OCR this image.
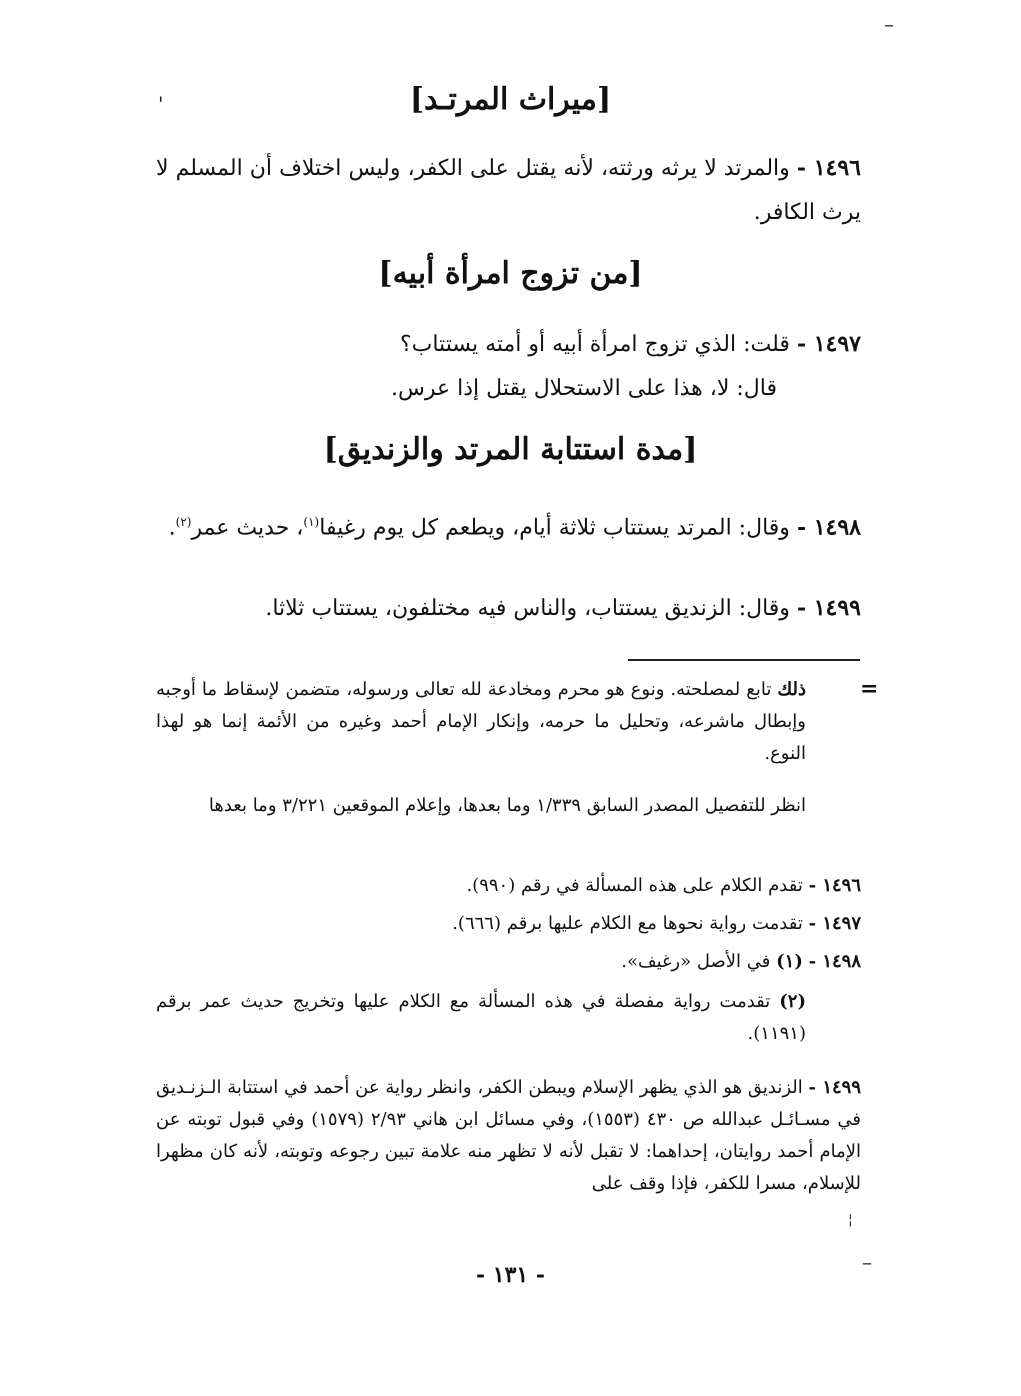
–
'	[ميراث المرتـد]
١٤٩٦ - والمرتد لا يرثه ورثته، لأنه يقتل على الكفر، وليس اختلاف أن المسلم لا يرث الكافر.
[من تزوج امرأة أبيه]
١٤٩٧ - قلت: الذي تزوج امرأة أبيه أو أمته يستتاب؟
قال: لا، هذا على الاستحلال يقتل إذا عرس.
[مدة استتابة المرتد والزنديق]
١٤٩٨ - وقال: المرتد يستتاب ثلاثة أيام، ويطعم كل يوم رغيفا$^{(١)}$، حديث عمر$^{(٢)}$.
١٤٩٩ - وقال: الزنديق يستتاب، والناس فيه مختلفون، يستتاب ثلاثا.
=
ذلك تابع لمصلحته. ونوع هو محرم ومخادعة لله تعالى ورسوله، متضمن لإسقاط ما أوجبه وإبطال ماشرعه، وتحليل ما حرمه، وإنكار الإمام أحمد وغيره من الأئمة إنما هو لهذا النوع.
انظر للتفصيل المصدر السابق ١/٣٣٩ وما بعدها، وإعلام الموقعين ٣/٢٢١ وما بعدها
١٤٩٦ - تقدم الكلام على هذه المسألة في رقم (٩٩٠).
١٤٩٧ - تقدمت رواية نحوها مع الكلام عليها برقم (٦٦٦).
١٤٩٨ - (١) في الأصل «رغيف».
(٢) تقدمت رواية مفصلة في هذه المسألة مع الكلام عليها وتخريج حديث عمر برقم (١١٩١).
١٤٩٩ - الزنديق هو الذي يظهر الإسلام ويبطن الكفر، وانظر رواية عن أحمد في استتابة الـزنـديق في مسـائـل عبدالله ص ٤٣٠ (١٥٥٣)، وفي مسائل ابن هاني ٢/٩٣ (١٥٧٩) وفي قبول توبته عن الإمام أحمد روايتان، إحداهما: لا تقبل لأنه لا تظهر منه علامة تبين رجوعه وتوبته، لأنه كان مظهرا للإسلام، مسرا للكفر، فإذا وقف على
¦
–
- ١٣١ -
